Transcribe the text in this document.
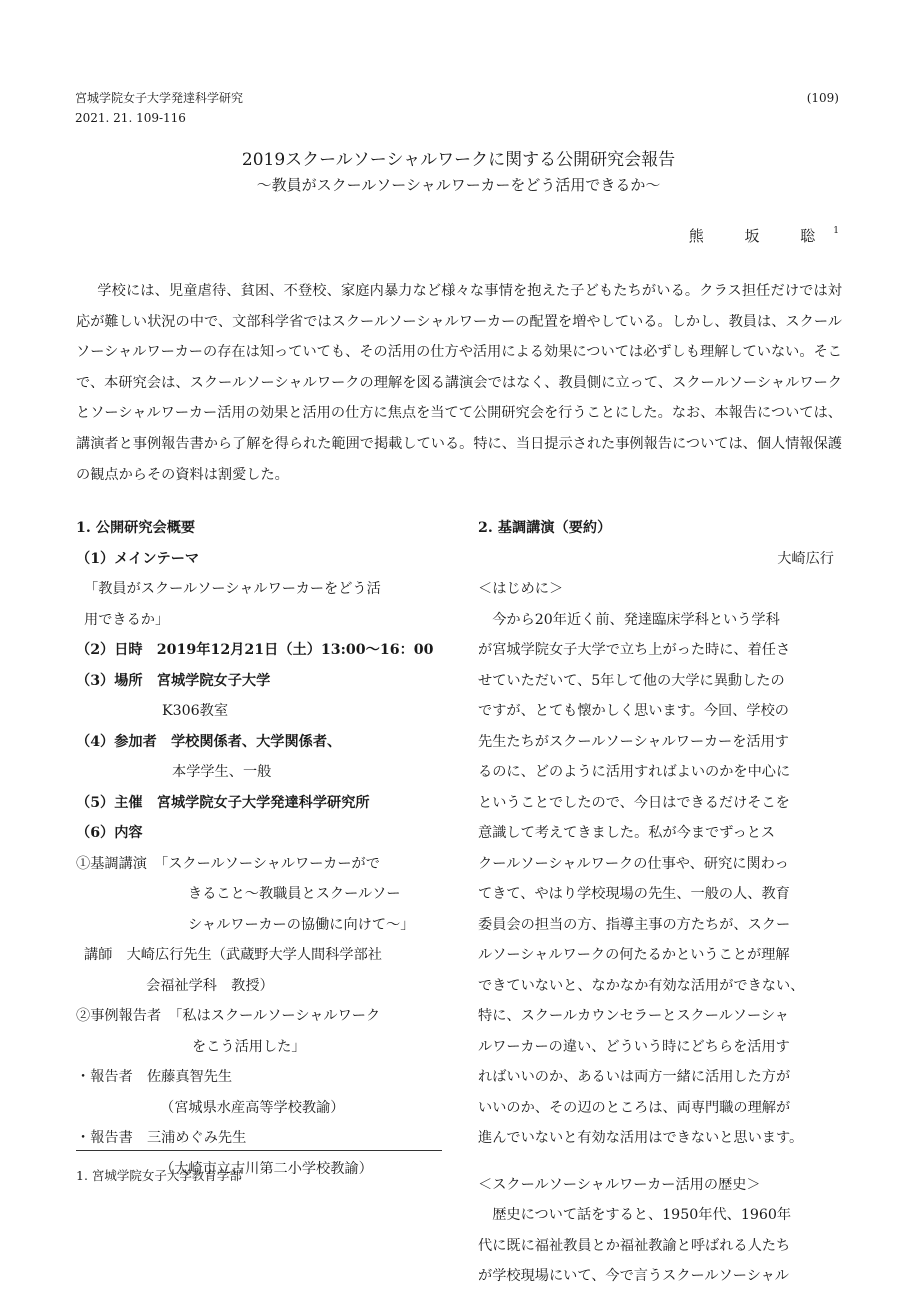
宮城学院女子大学発達科学研究
2021. 21. 109-116
(109)
2019スクールソーシャルワークに関する公開研究会報告
～教員がスクールソーシャルワーカーをどう活用できるか～
熊 坂 聡$^1$
学校には、児童虐待、貧困、不登校、家庭内暴力など様々な事情を抱えた子どもたちがいる。クラス担任だけでは対応が難しい状況の中で、文部科学省ではスクールソーシャルワーカーの配置を増やしている。しかし、教員は、スクールソーシャルワーカーの存在は知っていても、その活用の仕方や活用による効果については必ずしも理解していない。そこで、本研究会は、スクールソーシャルワークの理解を図る講演会ではなく、教員側に立って、スクールソーシャルワークとソーシャルワーカー活用の効果と活用の仕方に焦点を当てて公開研究会を行うことにした。なお、本報告については、講演者と事例報告書から了解を得られた範囲で掲載している。特に、当日提示された事例報告については、個人情報保護の観点からその資料は割愛した。
1. 公開研究会概要
（1）メインテーマ
「教員がスクールソーシャルワーカーをどう活
用できるか」
（2）日時　2019年12月21日（土）13:00～16：00
（3）場所　宮城学院女子大学
K306教室
（4）参加者　学校関係者、大学関係者、
本学学生、一般
（5）主催　宮城学院女子大学発達科学研究所
（6）内容
①基調講演　「スクールソーシャルワーカーがで
きること～教職員とスクールソー
シャルワーカーの協働に向けて～」
講師　大崎広行先生（武蔵野大学人間科学部社
会福祉学科　教授）
②事例報告者　「私はスクールソーシャルワーク
をこう活用した」
・報告者　佐藤真智先生
（宮城県水産高等学校教諭）
・報告書　三浦めぐみ先生
（大崎市立古川第二小学校教諭）
2. 基調講演（要約）
大崎広行
＜はじめに＞
　今から20年近く前、発達臨床学科という学科
が宮城学院女子大学で立ち上がった時に、着任さ
せていただいて、5年して他の大学に異動したの
ですが、とても懐かしく思います。今回、学校の
先生たちがスクールソーシャルワーカーを活用す
るのに、どのように活用すればよいのかを中心に
ということでしたので、今日はできるだけそこを
意識して考えてきました。私が今までずっとス
クールソーシャルワークの仕事や、研究に関わっ
てきて、やはり学校現場の先生、一般の人、教育
委員会の担当の方、指導主事の方たちが、スクー
ルソーシャルワークの何たるかということが理解
できていないと、なかなか有効な活用ができない、
特に、スクールカウンセラーとスクールソーシャ
ルワーカーの違い、どういう時にどちらを活用す
ればいいのか、あるいは両方一緒に活用した方が
いいのか、その辺のところは、両専門職の理解が
進んでいないと有効な活用はできないと思います。
＜スクールソーシャルワーカー活用の歴史＞
　歴史について話をすると、1950年代、1960年
代に既に福祉教員とか福祉教諭と呼ばれる人たち
が学校現場にいて、今で言うスクールソーシャル
1. 宮城学院女子大学教育学部
